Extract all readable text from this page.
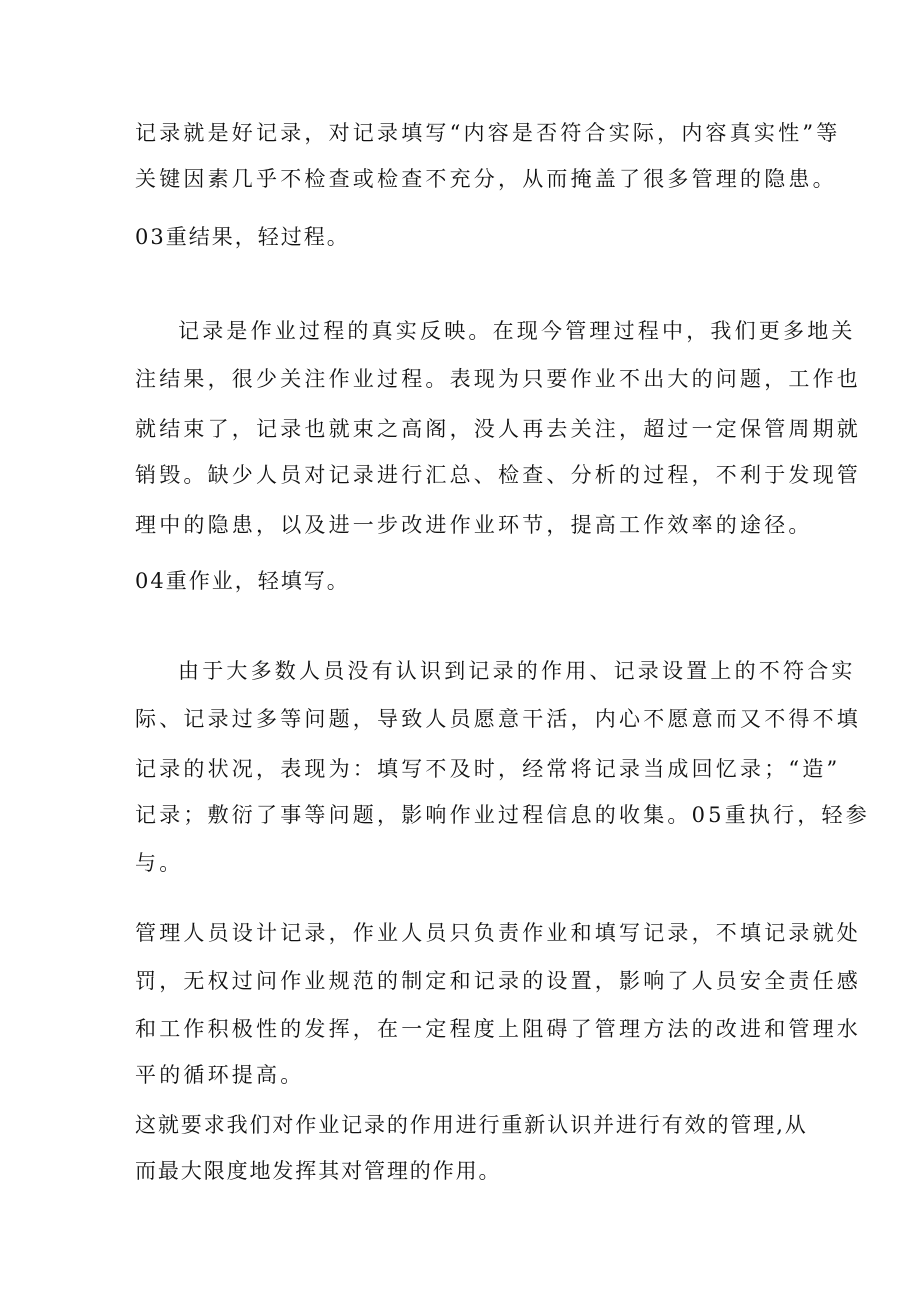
记录就是好记录，对记录填写“内容是否符合实际，内容真实性”等
关键因素几乎不检查或检查不充分，从而掩盖了很多管理的隐患。
03重结果，轻过程。
记录是作业过程的真实反映。在现今管理过程中，我们更多地关
注结果，很少关注作业过程。表现为只要作业不出大的问题，工作也
就结束了，记录也就束之高阁，没人再去关注，超过一定保管周期就
销毁。缺少人员对记录进行汇总、检查、分析的过程，不利于发现管
理中的隐患，以及进一步改进作业环节，提高工作效率的途径。
04重作业，轻填写。
由于大多数人员没有认识到记录的作用、记录设置上的不符合实
际、记录过多等问题，导致人员愿意干活，内心不愿意而又不得不填
记录的状况，表现为：填写不及时，经常将记录当成回忆录；“造”
记录；敷衍了事等问题，影响作业过程信息的收集。05重执行，轻参
与。
管理人员设计记录，作业人员只负责作业和填写记录，不填记录就处
罚，无权过问作业规范的制定和记录的设置，影响了人员安全责任感
和工作积极性的发挥，在一定程度上阻碍了管理方法的改进和管理水
平的循环提高。
这就要求我们对作业记录的作用进行重新认识并进行有效的管理,从
而最大限度地发挥其对管理的作用。
